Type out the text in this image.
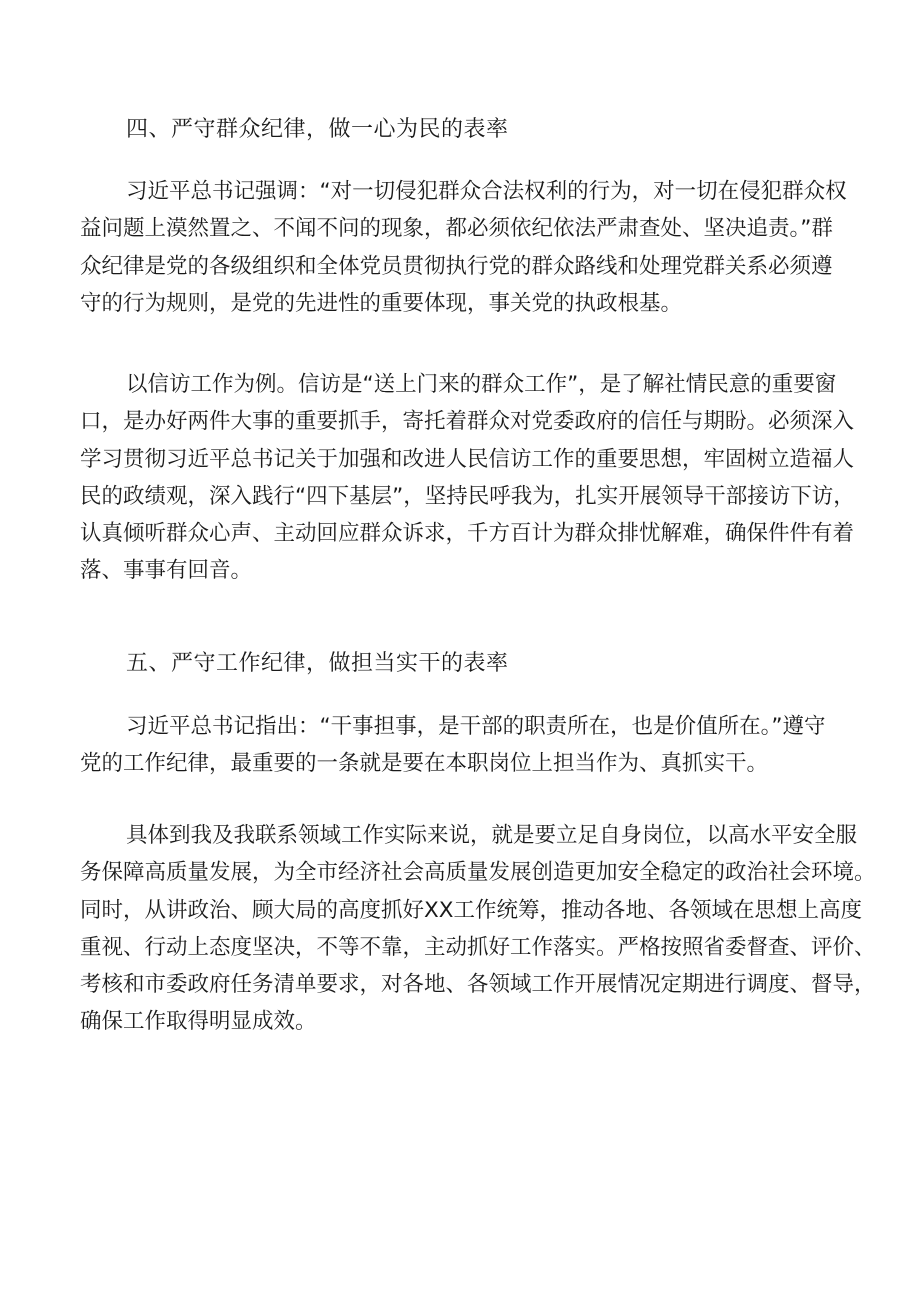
四、严守群众纪律，做一心为民的表率
习近平总书记强调：“对一切侵犯群众合法权利的行为，对一切在侵犯群众权
益问题上漠然置之、不闻不问的现象，都必须依纪依法严肃查处、坚决追责。”群
众纪律是党的各级组织和全体党员贯彻执行党的群众路线和处理党群关系必须遵
守的行为规则，是党的先进性的重要体现，事关党的执政根基。
以信访工作为例。信访是“送上门来的群众工作”，是了解社情民意的重要窗
口，是办好两件大事的重要抓手，寄托着群众对党委政府的信任与期盼。必须深入
学习贯彻习近平总书记关于加强和改进人民信访工作的重要思想，牢固树立造福人
民的政绩观，深入践行“四下基层”，坚持民呼我为，扎实开展领导干部接访下访，
认真倾听群众心声、主动回应群众诉求，千方百计为群众排忧解难，确保件件有着
落、事事有回音。
五、严守工作纪律，做担当实干的表率
习近平总书记指出：“干事担事，是干部的职责所在，也是价值所在。”遵守
党的工作纪律，最重要的一条就是要在本职岗位上担当作为、真抓实干。
具体到我及我联系领域工作实际来说，就是要立足自身岗位，以高水平安全服
务保障高质量发展，为全市经济社会高质量发展创造更加安全稳定的政治社会环境。
同时，从讲政治、顾大局的高度抓好XX工作统筹，推动各地、各领域在思想上高度
重视、行动上态度坚决，不等不靠，主动抓好工作落实。严格按照省委督查、评价、
考核和市委政府任务清单要求，对各地、各领域工作开展情况定期进行调度、督导，
确保工作取得明显成效。
